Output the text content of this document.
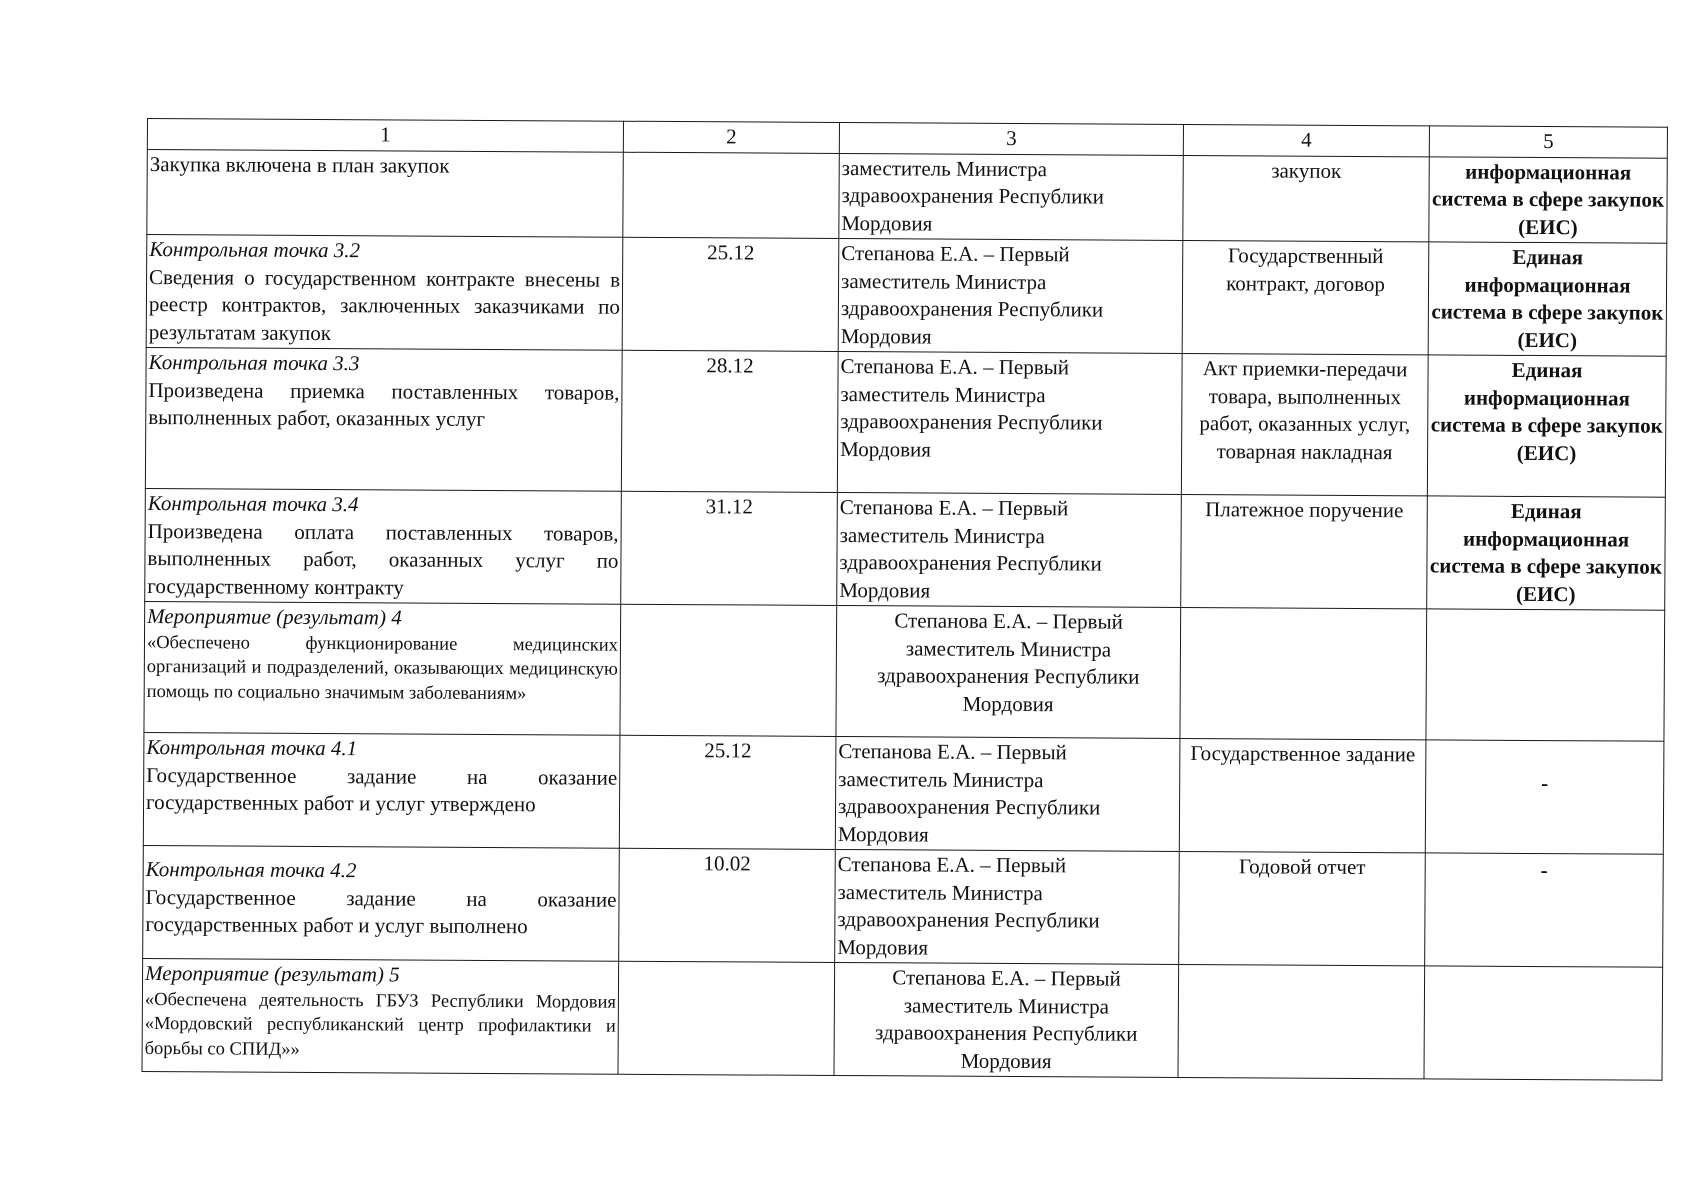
1	2	3	4	5
Закупка включена в план закупок		заместитель Министра здравоохранения Республики Мордовия	закупок	информационная система в сфере закупок (ЕИС)

Контрольная точка 3.2
Сведения о государственном контракте внесены в реестр контрактов, заключенных заказчиками по результатам закупок	25.12	Степанова Е.А. – Первый заместитель Министра здравоохранения Республики Мордовия	Государственный контракт, договор	Единая информационная система в сфере закупок (ЕИС)

Контрольная точка 3.3
Произведена приемка поставленных товаров, выполненных работ, оказанных услуг	28.12	Степанова Е.А. – Первый заместитель Министра здравоохранения Республики Мордовия	Акт приемки-передачи товара, выполненных работ, оказанных услуг, товарная накладная	Единая информационная система в сфере закупок (ЕИС)

Контрольная точка 3.4
Произведена оплата поставленных товаров, выполненных работ, оказанных услуг по государственному контракту	31.12	Степанова Е.А. – Первый заместитель Министра здравоохранения Республики Мордовия	Платежное поручение	Единая информационная система в сфере закупок (ЕИС)

Мероприятие (результат) 4
«Обеспечено функционирование медицинских организаций и подразделений, оказывающих медицинскую помощь по социально значимым заболеваниям»		Степанова Е.А. – Первый заместитель Министра здравоохранения Республики Мордовия		

Контрольная точка 4.1
Государственное задание на оказание государственных работ и услуг утверждено	25.12	Степанова Е.А. – Первый заместитель Министра здравоохранения Республики Мордовия	Государственное задание	-

Контрольная точка 4.2
Государственное задание на оказание государственных работ и услуг выполнено	10.02	Степанова Е.А. – Первый заместитель Министра здравоохранения Республики Мордовия	Годовой отчет	-

Мероприятие (результат) 5
«Обеспечена деятельность ГБУЗ Республики Мордовия «Мордовский республиканский центр профилактики и борьбы со СПИД»»		Степанова Е.А. – Первый заместитель Министра здравоохранения Республики Мордовия		
